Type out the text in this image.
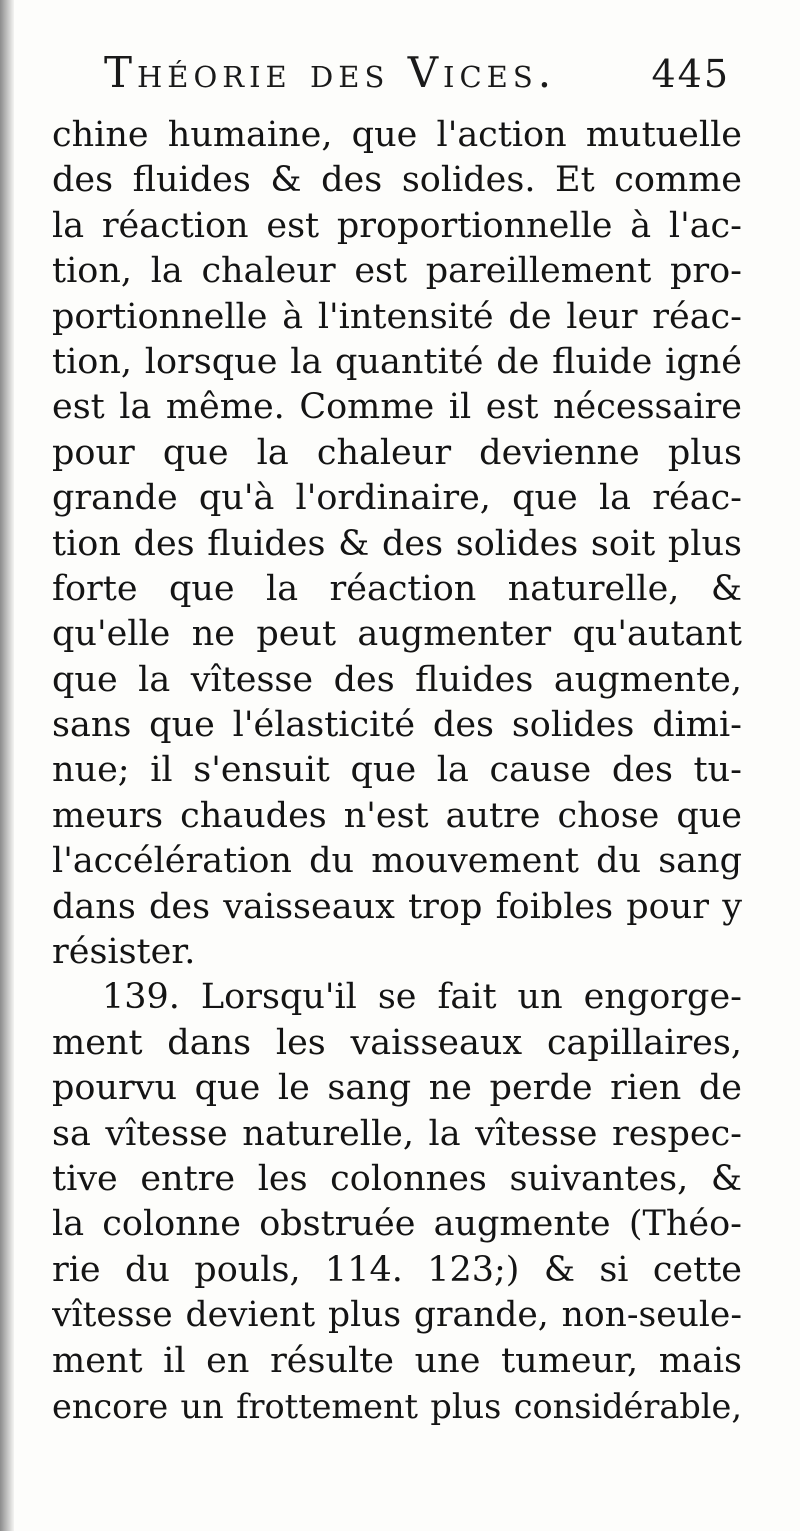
Théorie des Vices.	445
chine humaine, que l'action mutuelle
des fluides & des solides. Et comme
la réaction est proportionnelle à l'ac-
tion, la chaleur est pareillement pro-
portionnelle à l'intensité de leur réac-
tion, lorsque la quantité de fluide igné
est la même. Comme il est nécessaire
pour que la chaleur devienne plus
grande qu'à l'ordinaire, que la réac-
tion des fluides & des solides soit plus
forte que la réaction naturelle, &
qu'elle ne peut augmenter qu'autant
que la vîtesse des fluides augmente,
sans que l'élasticité des solides dimi-
nue; il s'ensuit que la cause des tu-
meurs chaudes n'est autre chose que
l'accélération du mouvement du sang
dans des vaisseaux trop foibles pour y
résister.
139. Lorsqu'il se fait un engorge-
ment dans les vaisseaux capillaires,
pourvu que le sang ne perde rien de
sa vîtesse naturelle, la vîtesse respec-
tive entre les colonnes suivantes, &
la colonne obstruée augmente (Théo-
rie du pouls, 114. 123;) & si cette
vîtesse devient plus grande, non-seule-
ment il en résulte une tumeur, mais
encore un frottement plus considérable,
